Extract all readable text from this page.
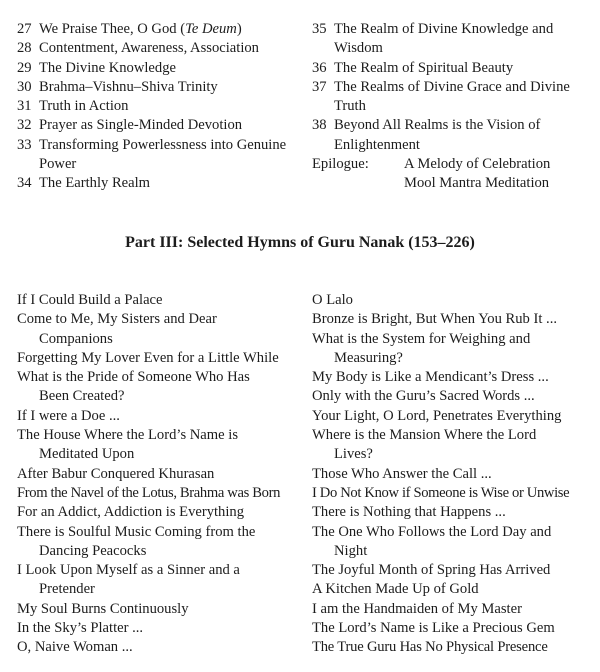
27 We Praise Thee, O God (Te Deum)
28 Contentment, Awareness, Association
29 The Divine Knowledge
30 Brahma–Vishnu–Shiva Trinity
31 Truth in Action
32 Prayer as Single-Minded Devotion
33 Transforming Powerlessness into Genuine Power
34 The Earthly Realm
35 The Realm of Divine Knowledge and Wisdom
36 The Realm of Spiritual Beauty
37 The Realms of Divine Grace and Divine Truth
38 Beyond All Realms is the Vision of Enlightenment
Epilogue:	A Melody of Celebration
Mool Mantra Meditation
Part III: Selected Hymns of Guru Nanak (153–226)
If I Could Build a Palace
Come to Me, My Sisters and Dear
Companions
Forgetting My Lover Even for a Little While
What is the Pride of Someone Who Has
Been Created?
If I were a Doe ...
The House Where the Lord’s Name is
Meditated Upon
After Babur Conquered Khurasan
From the Navel of the Lotus, Brahma was Born
For an Addict, Addiction is Everything
There is Soulful Music Coming from the
Dancing Peacocks
I Look Upon Myself as a Sinner and a
Pretender
My Soul Burns Continuously
In the Sky’s Platter ...
O, Naive Woman ...
O Lalo
Bronze is Bright, But When You Rub It ...
What is the System for Weighing and
Measuring?
My Body is Like a Mendicant’s Dress ...
Only with the Guru’s Sacred Words ...
Your Light, O Lord, Penetrates Everything
Where is the Mansion Where the Lord
Lives?
Those Who Answer the Call ...
I Do Not Know if Someone is Wise or Unwise
There is Nothing that Happens ...
The One Who Follows the Lord Day and
Night
The Joyful Month of Spring Has Arrived
A Kitchen Made Up of Gold
I am the Handmaiden of My Master
The Lord’s Name is Like a Precious Gem
The True Guru Has No Physical Presence
